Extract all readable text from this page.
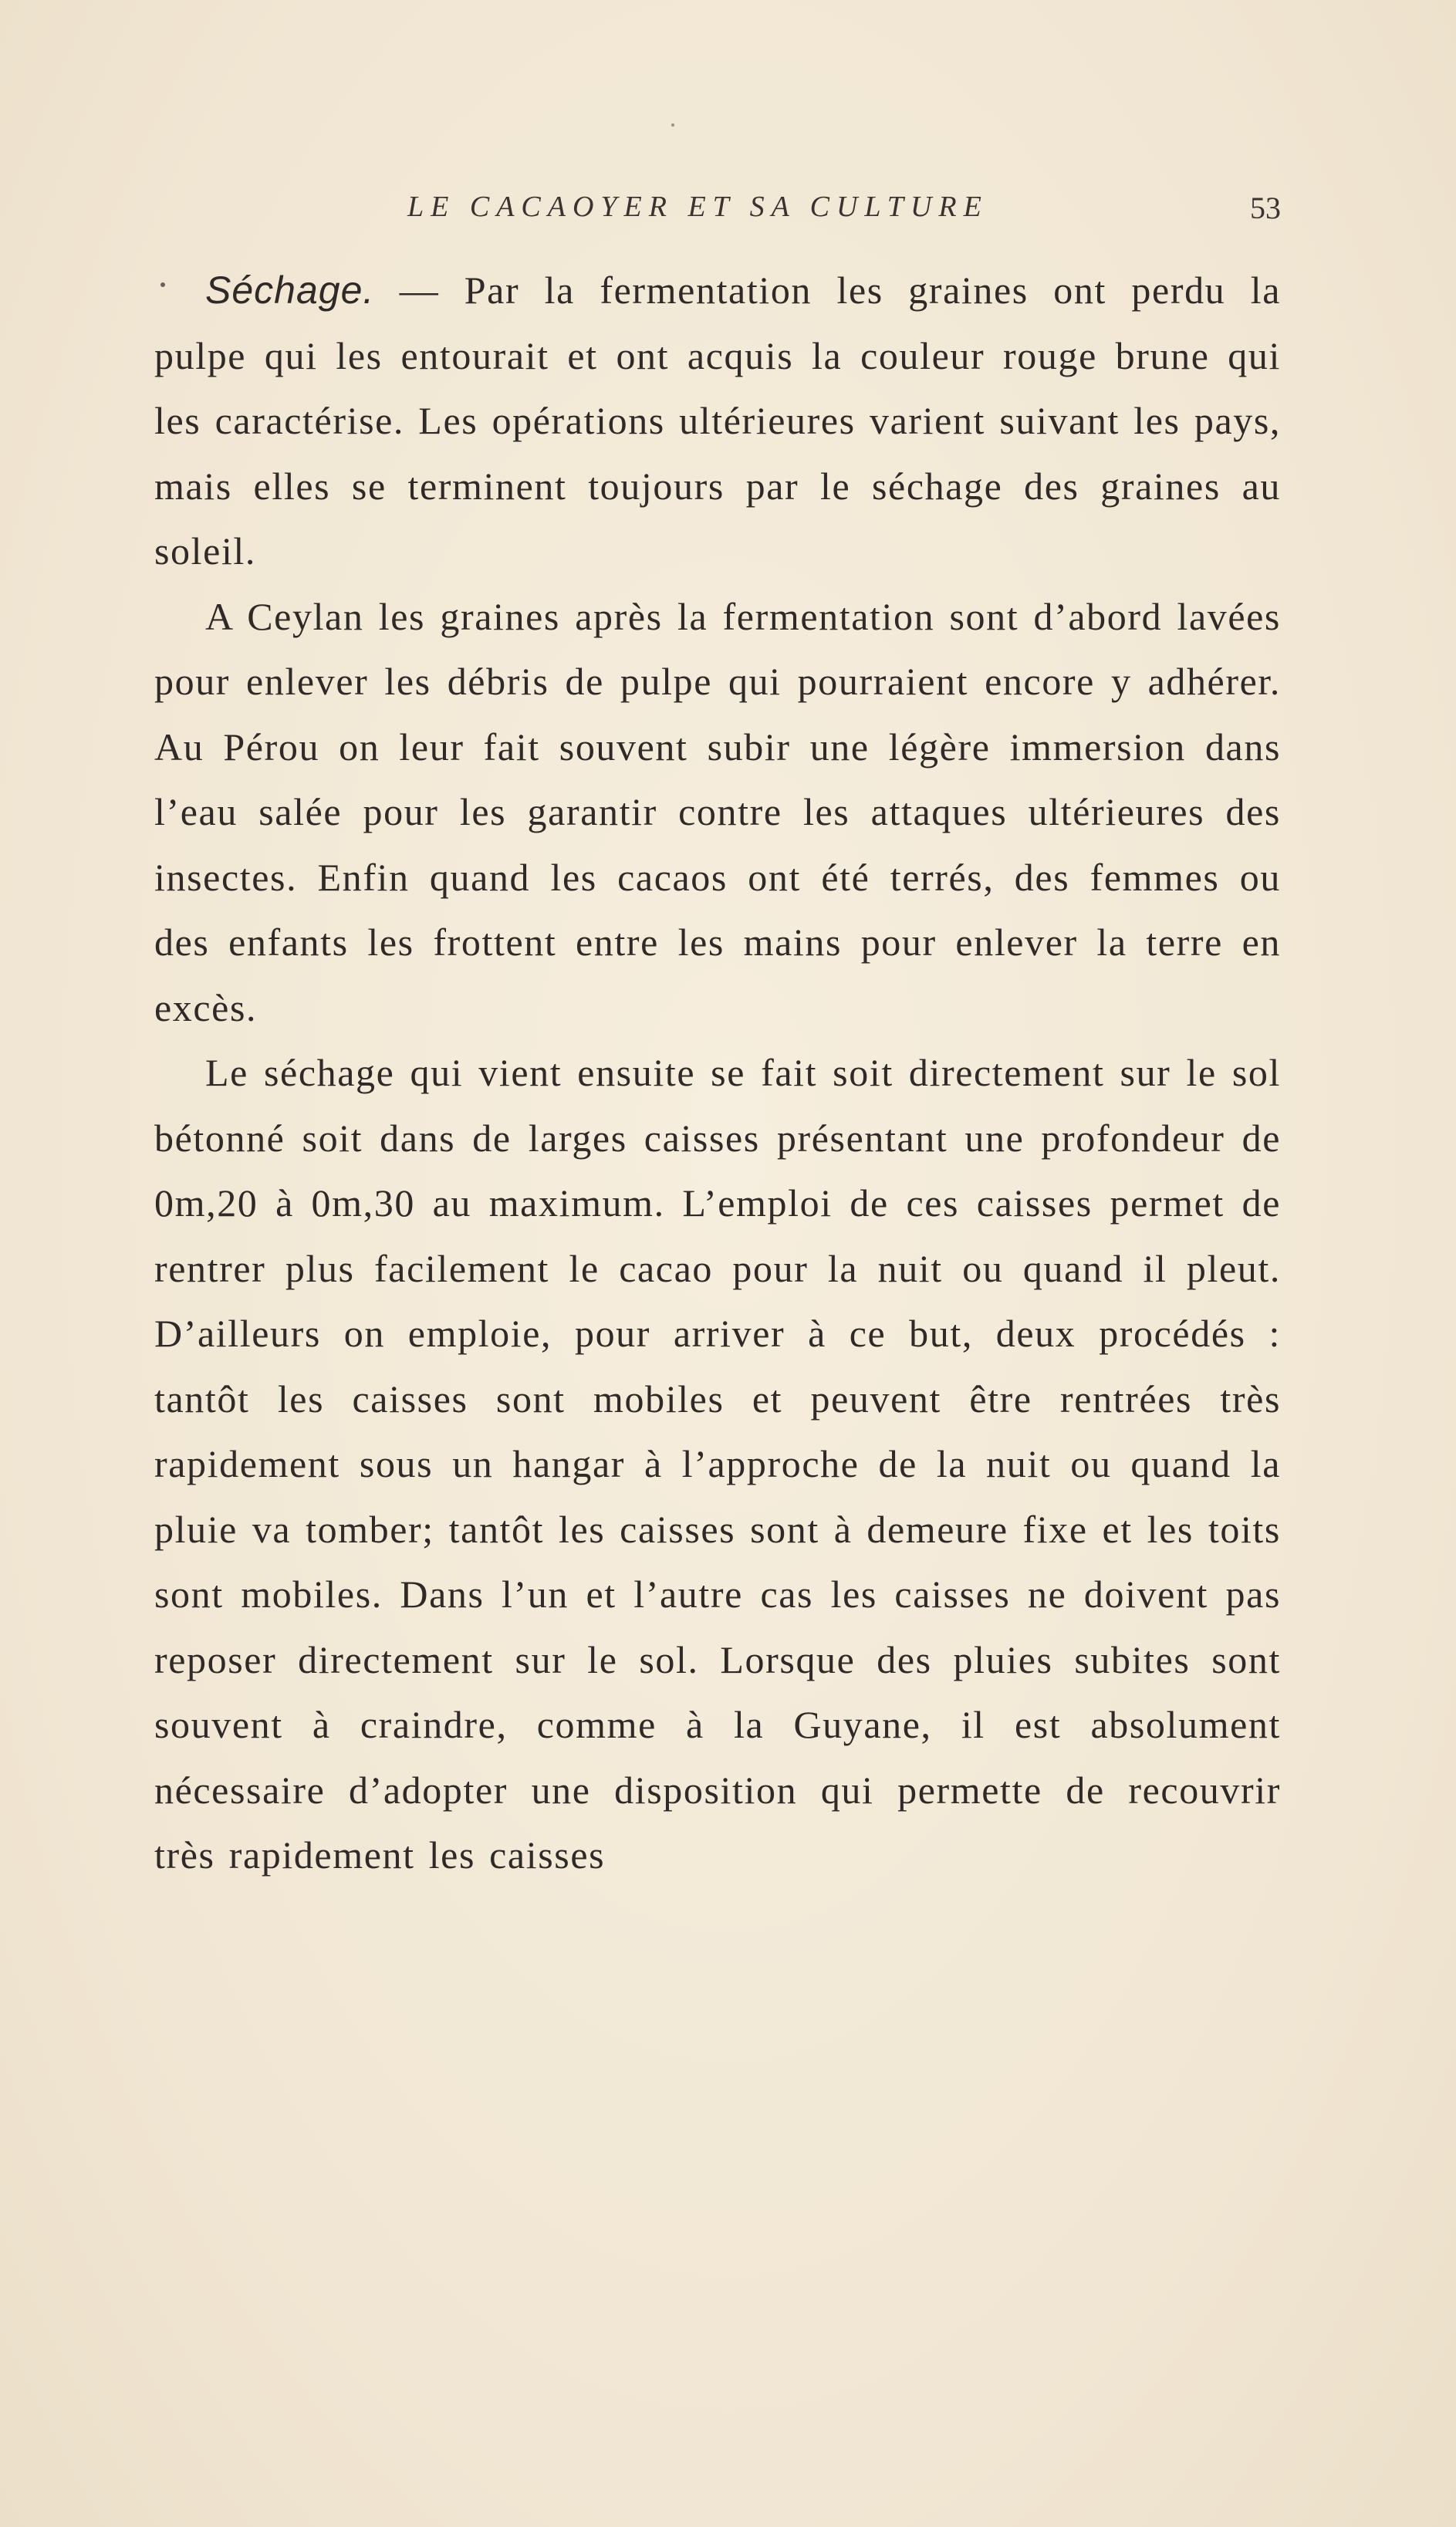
LE CACAOYER ET SA CULTURE	53

Séchage. — Par la fermentation les graines ont perdu la pulpe qui les entourait et ont acquis la couleur rouge brune qui les caractérise. Les opérations ultérieures varient suivant les pays, mais elles se terminent toujours par le séchage des graines au soleil.

A Ceylan les graines après la fermentation sont d’abord lavées pour enlever les débris de pulpe qui pourraient encore y adhérer. Au Pérou on leur fait souvent subir une légère immersion dans l’eau salée pour les garantir contre les attaques ultérieures des insectes. Enfin quand les cacaos ont été terrés, des femmes ou des enfants les frottent entre les mains pour enlever la terre en excès.

Le séchage qui vient ensuite se fait soit directement sur le sol bétonné soit dans de larges caisses présentant une profondeur de 0m,20 à 0m,30 au maximum. L’emploi de ces caisses permet de rentrer plus facilement le cacao pour la nuit ou quand il pleut. D’ailleurs on emploie, pour arriver à ce but, deux procédés : tantôt les caisses sont mobiles et peuvent être rentrées très rapidement sous un hangar à l’approche de la nuit ou quand la pluie va tomber; tantôt les caisses sont à demeure fixe et les toits sont mobiles. Dans l’un et l’autre cas les caisses ne doivent pas reposer directement sur le sol. Lorsque des pluies subites sont souvent à craindre, comme à la Guyane, il est absolument nécessaire d’adopter une disposition qui permette de recouvrir très rapidement les caisses
